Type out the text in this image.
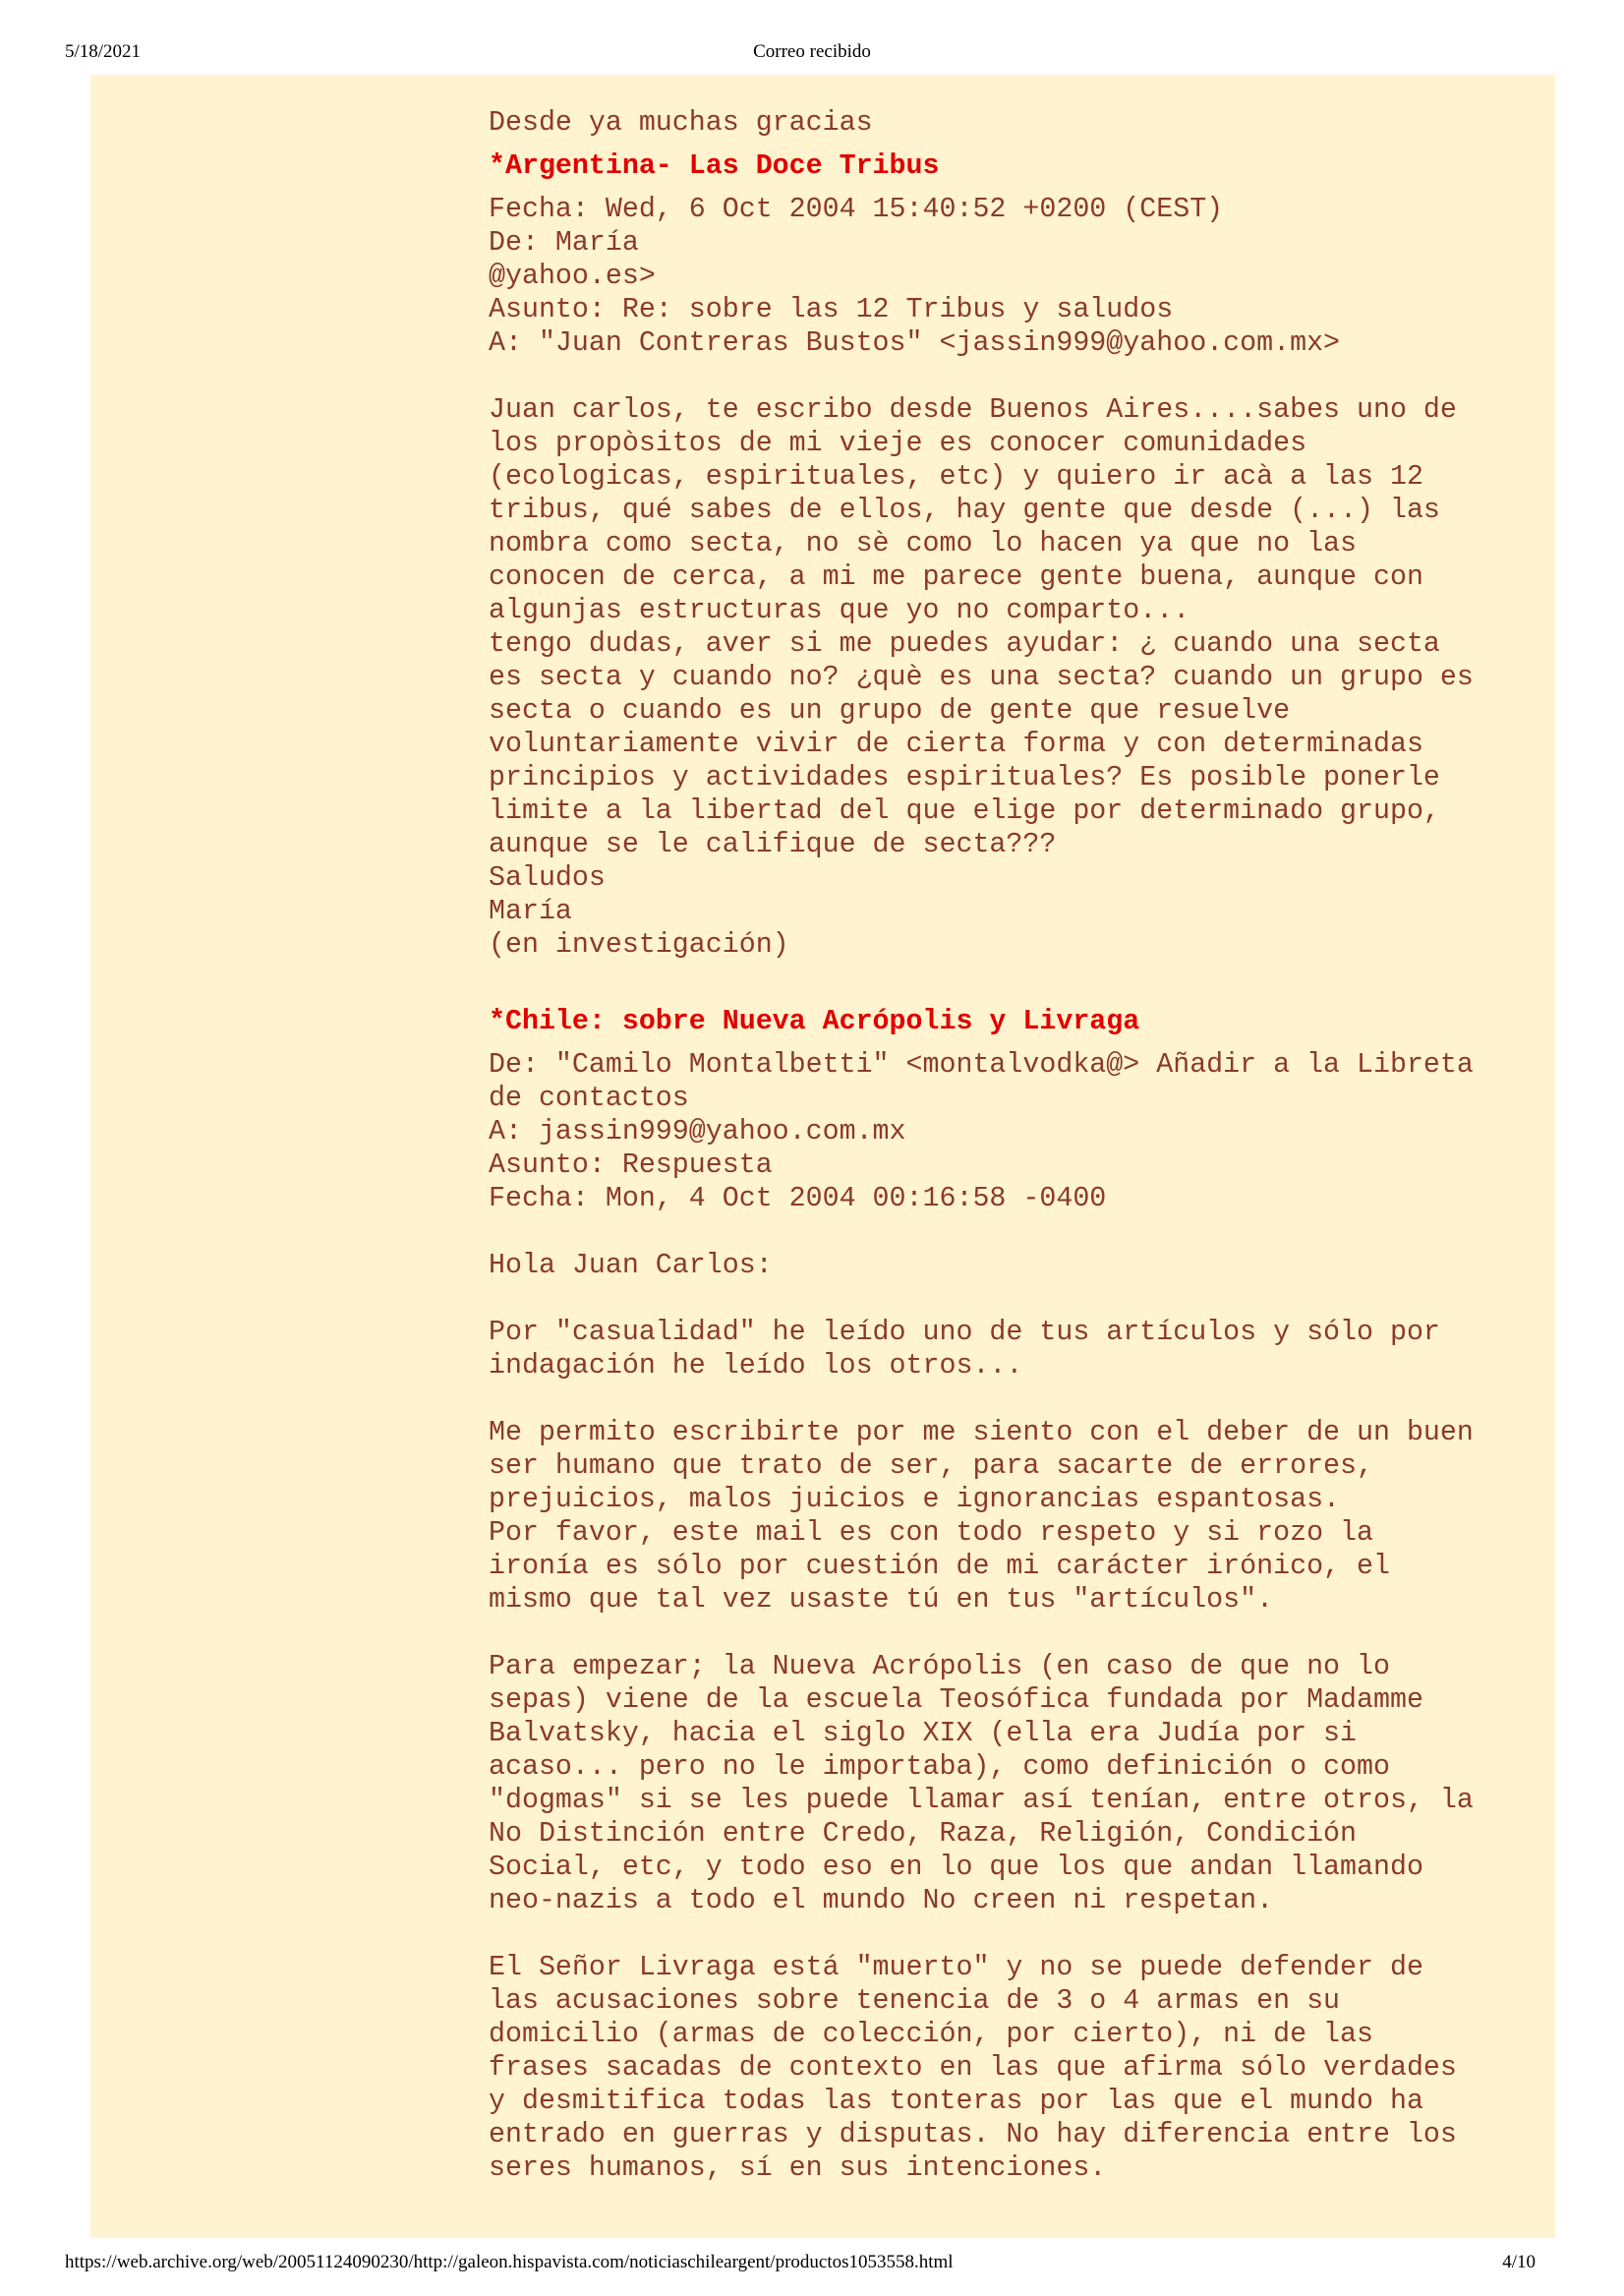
5/18/2021	Correo recibido
Desde ya muchas gracias
*Argentina- Las Doce Tribus
Fecha: Wed, 6 Oct 2004 15:40:52 +0200 (CEST)
De: María
@yahoo.es>
Asunto: Re: sobre las 12 Tribus y saludos
A: "Juan Contreras Bustos" <jassin999@yahoo.com.mx>
Juan carlos, te escribo desde Buenos Aires....sabes uno de
los propòsitos de mi vieje es conocer comunidades
(ecologicas, espirituales, etc) y quiero ir acà a las 12
tribus, qué sabes de ellos, hay gente que desde (...) las
nombra como secta, no sè como lo hacen ya que no las
conocen de cerca, a mi me parece gente buena, aunque con
algunjas estructuras que yo no comparto...
tengo dudas, aver si me puedes ayudar: ¿ cuando una secta
es secta y cuando no? ¿què es una secta? cuando un grupo es
secta o cuando es un grupo de gente que resuelve
voluntariamente vivir de cierta forma y con determinadas
principios y actividades espirituales? Es posible ponerle
limite a la libertad del que elige por determinado grupo,
aunque se le califique de secta???
Saludos
María
(en investigación)
*Chile: sobre Nueva Acrópolis y Livraga
De: "Camilo Montalbetti" <montalvodka@> Añadir a la Libreta
de contactos
A: jassin999@yahoo.com.mx
Asunto: Respuesta
Fecha: Mon, 4 Oct 2004 00:16:58 -0400
Hola Juan Carlos:
Por "casualidad" he leído uno de tus artículos y sólo por
indagación he leído los otros...
Me permito escribirte por me siento con el deber de un buen
ser humano que trato de ser, para sacarte de errores,
prejuicios, malos juicios e ignorancias espantosas.
Por favor, este mail es con todo respeto y si rozo la
ironía es sólo por cuestión de mi carácter irónico, el
mismo que tal vez usaste tú en tus "artículos".
Para empezar; la Nueva Acrópolis (en caso de que no lo
sepas) viene de la escuela Teosófica fundada por Madamme
Balvatsky, hacia el siglo XIX (ella era Judía por si
acaso... pero no le importaba), como definición o como
"dogmas" si se les puede llamar así tenían, entre otros, la
No Distinción entre Credo, Raza, Religión, Condición
Social, etc, y todo eso en lo que los que andan llamando
neo-nazis a todo el mundo No creen ni respetan.
El Señor Livraga está "muerto" y no se puede defender de
las acusaciones sobre tenencia de 3 o 4 armas en su
domicilio (armas de colección, por cierto), ni de las
frases sacadas de contexto en las que afirma sólo verdades
y desmitifica todas las tonteras por las que el mundo ha
entrado en guerras y disputas. No hay diferencia entre los
seres humanos, sí en sus intenciones.
https://web.archive.org/web/20051124090230/http://galeon.hispavista.com/noticiaschileargent/productos1053558.html	4/10
